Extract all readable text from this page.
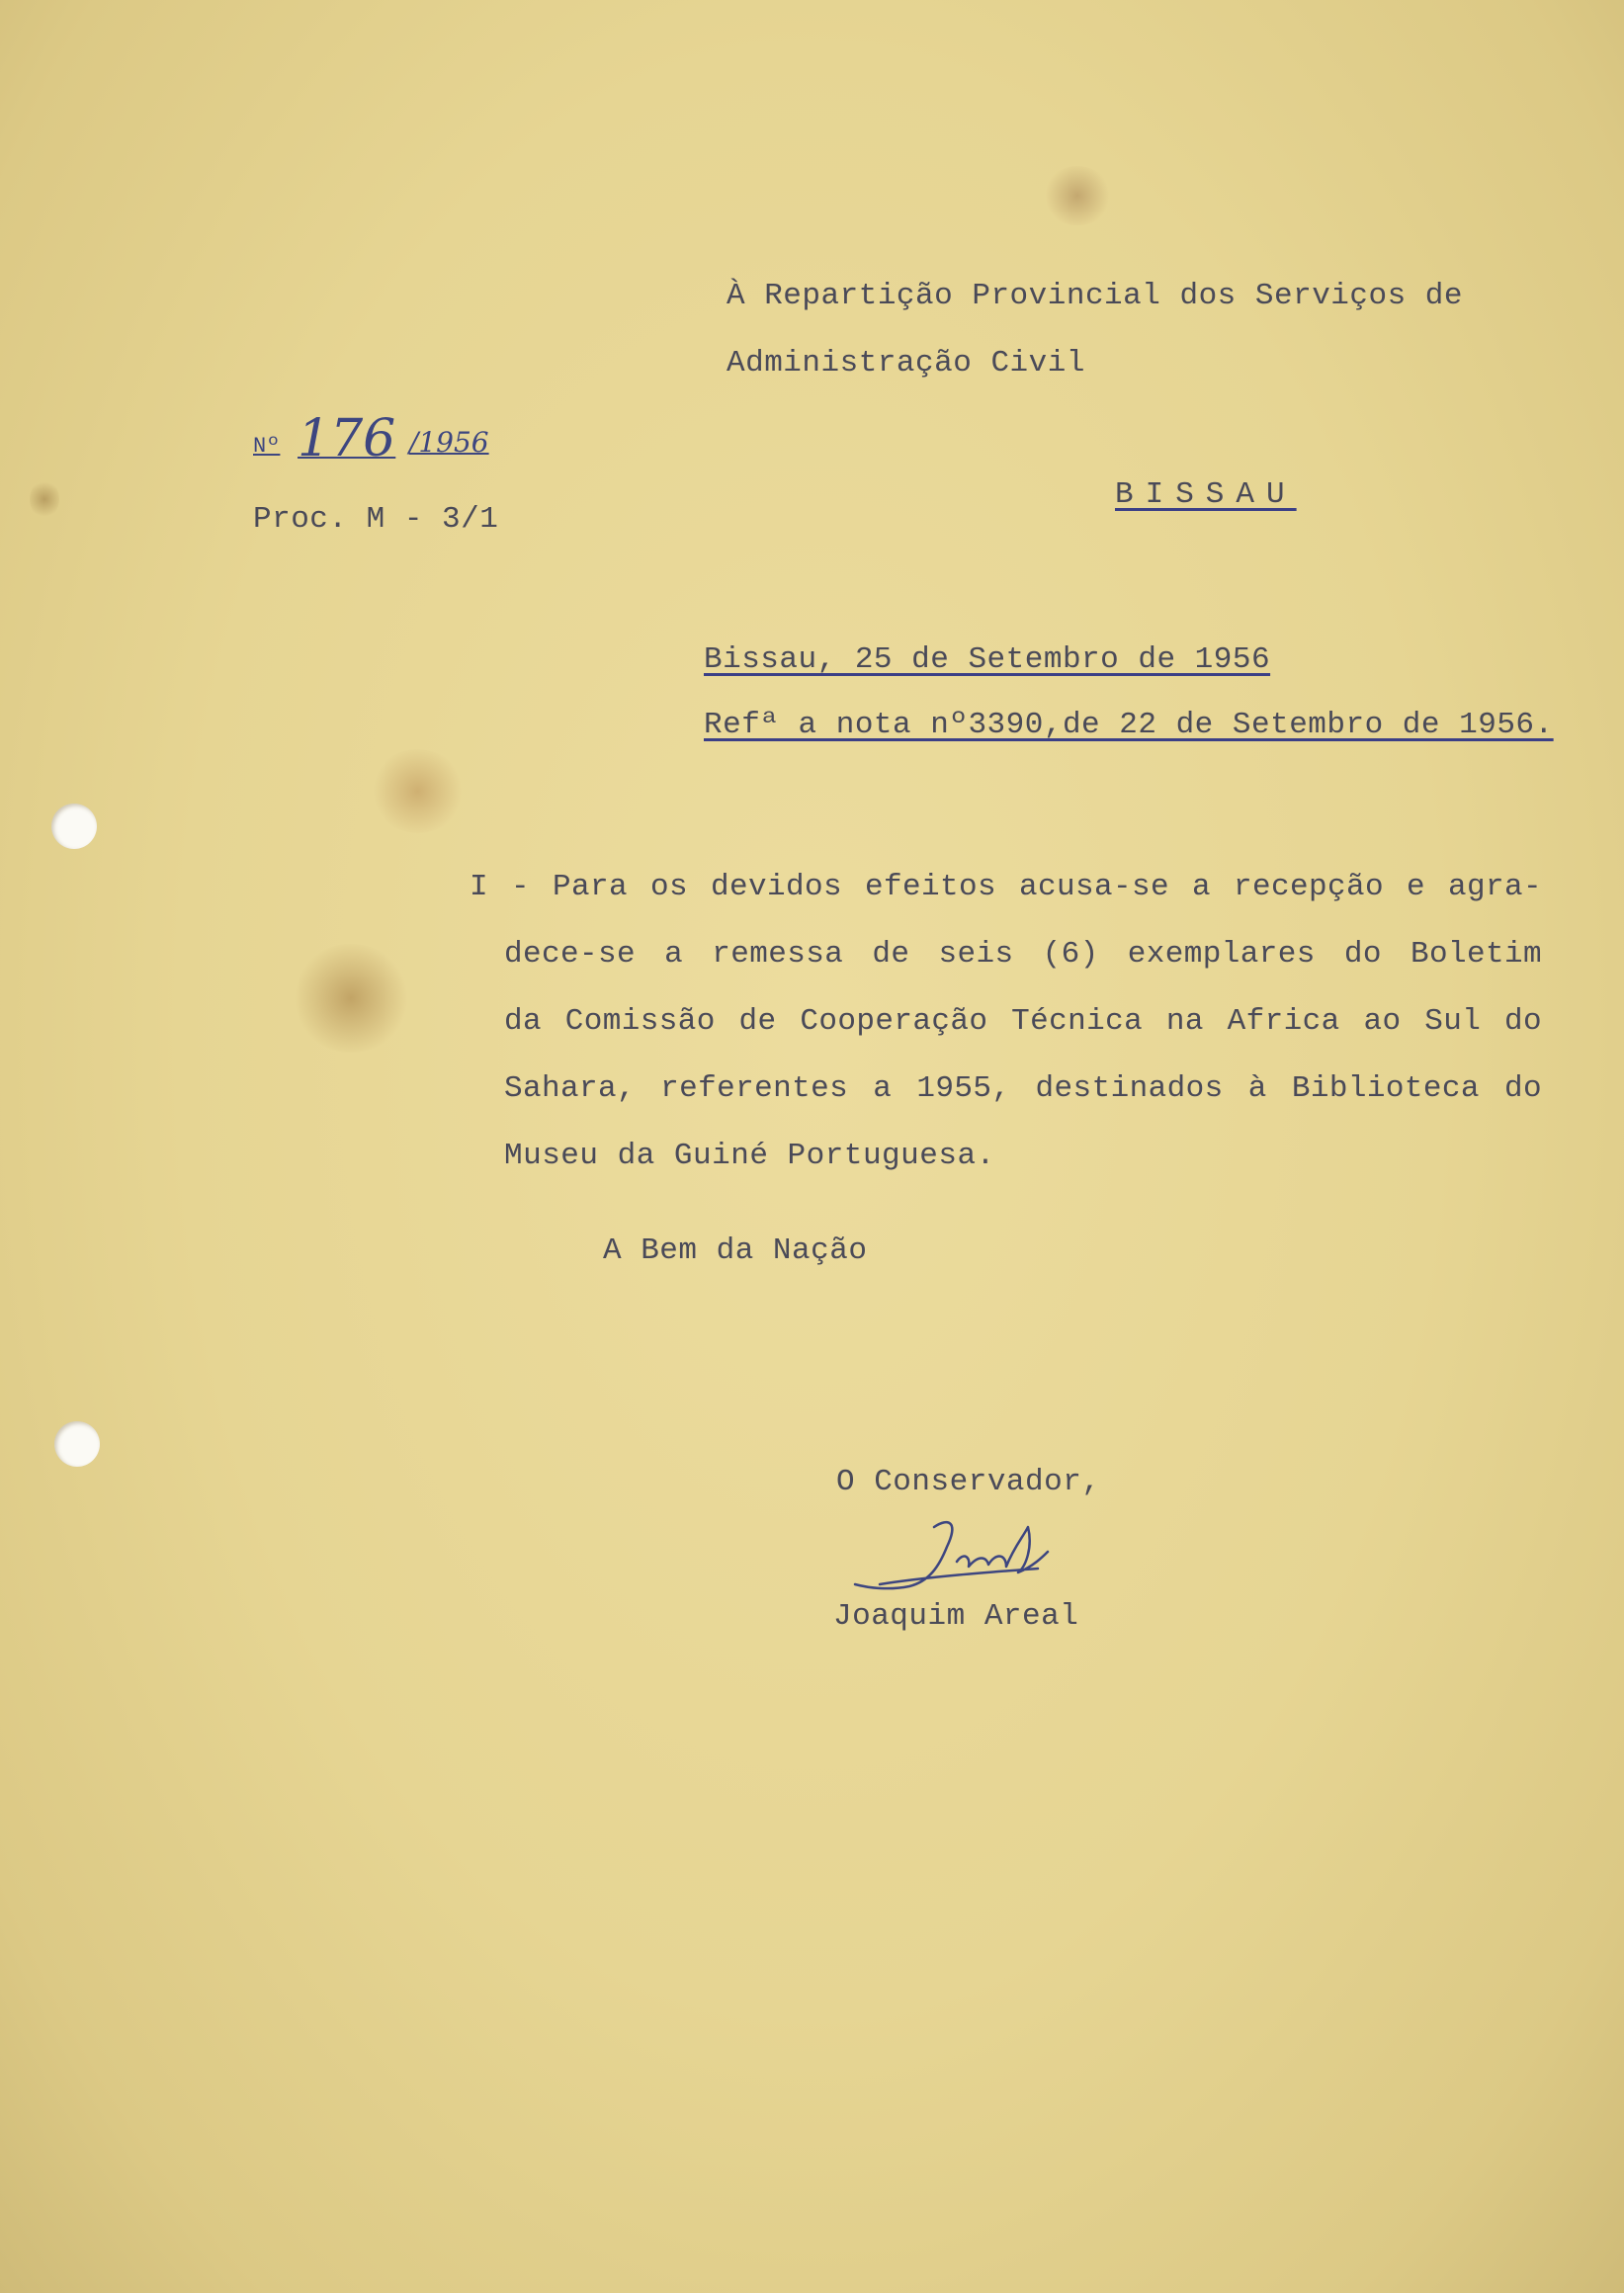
À Repartição Provincial dos Serviços de
Administração Civil
BISSAU
Nº 176 /1956
Proc. M - 3/1
Bissau, 25 de Setembro de 1956
Refª a nota nº3390,de 22 de Setembro de 1956.
I - Para os devidos efeitos acusa-se a recepção e agra-
dece-se a remessa de seis (6) exemplares do Boletim
da Comissão de Cooperação Técnica na Africa ao Sul do
Sahara, referentes a 1955, destinados à Biblioteca do
Museu da Guiné Portuguesa.
A Bem da Nação
O Conservador,
Joaquim Areal
